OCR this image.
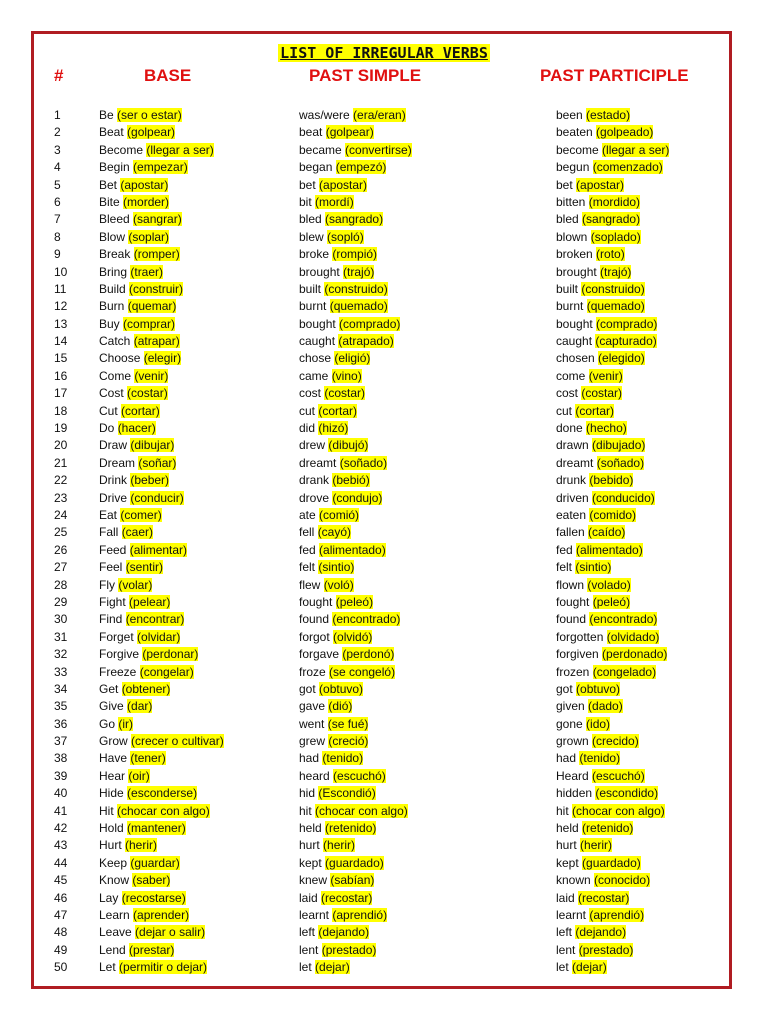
LIST OF IRREGULAR VERBS
#	BASE	PAST SIMPLE	PAST PARTICIPLE
1	Be (ser o estar)	was/were (era/eran)	been (estado)
2	Beat (golpear)	beat (golpear)	beaten (golpeado)
3	Become (llegar a ser)	became (convertirse)	become (llegar a ser)
4	Begin (empezar)	began (empezó)	begun (comenzado)
5	Bet (apostar)	bet (apostar)	bet (apostar)
6	Bite (morder)	bit (mordí)	bitten (mordido)
7	Bleed (sangrar)	bled (sangrado)	bled (sangrado)
8	Blow (soplar)	blew (sopló)	blown (soplado)
9	Break (romper)	broke (rompió)	broken (roto)
10	Bring (traer)	brought (trajó)	brought (trajó)
11	Build (construir)	built (construido)	built (construido)
12	Burn (quemar)	burnt (quemado)	burnt (quemado)
13	Buy (comprar)	bought (comprado)	bought (comprado)
14	Catch (atrapar)	caught (atrapado)	caught (capturado)
15	Choose (elegir)	chose (eligió)	chosen (elegido)
16	Come (venir)	came (vino)	come (venir)
17	Cost (costar)	cost (costar)	cost (costar)
18	Cut (cortar)	cut (cortar)	cut (cortar)
19	Do (hacer)	did (hizó)	done (hecho)
20	Draw (dibujar)	drew (dibujó)	drawn (dibujado)
21	Dream (soñar)	dreamt (soñado)	dreamt (soñado)
22	Drink (beber)	drank (bebió)	drunk (bebido)
23	Drive (conducir)	drove (condujo)	driven (conducido)
24	Eat (comer)	ate (comió)	eaten (comido)
25	Fall (caer)	fell (cayó)	fallen (caído)
26	Feed (alimentar)	fed (alimentado)	fed (alimentado)
27	Feel (sentir)	felt (sintio)	felt (sintio)
28	Fly (volar)	flew (voló)	flown (volado)
29	Fight (pelear)	fought (peleó)	fought (peleó)
30	Find (encontrar)	found (encontrado)	found (encontrado)
31	Forget (olvidar)	forgot (olvidó)	forgotten (olvidado)
32	Forgive (perdonar)	forgave (perdonó)	forgiven (perdonado)
33	Freeze (congelar)	froze (se congeló)	frozen (congelado)
34	Get (obtener)	got (obtuvo)	got (obtuvo)
35	Give (dar)	gave (dió)	given (dado)
36	Go (ir)	went (se fué)	gone (ido)
37	Grow (crecer o cultivar)	grew (creció)	grown (crecido)
38	Have (tener)	had (tenido)	had (tenido)
39	Hear (oir)	heard (escuchó)	Heard (escuchó)
40	Hide (esconderse)	hid (Escondió)	hidden (escondido)
41	Hit (chocar con algo)	hit (chocar con algo)	hit (chocar con algo)
42	Hold (mantener)	held (retenido)	held (retenido)
43	Hurt (herir)	hurt (herir)	hurt (herir)
44	Keep (guardar)	kept (guardado)	kept (guardado)
45	Know (saber)	knew (sabían)	known (conocido)
46	Lay (recostarse)	laid (recostar)	laid (recostar)
47	Learn (aprender)	learnt (aprendió)	learnt (aprendió)
48	Leave (dejar o salir)	left (dejando)	left (dejando)
49	Lend (prestar)	lent (prestado)	lent (prestado)
50	Let (permitir o dejar)	let (dejar)	let (dejar)
